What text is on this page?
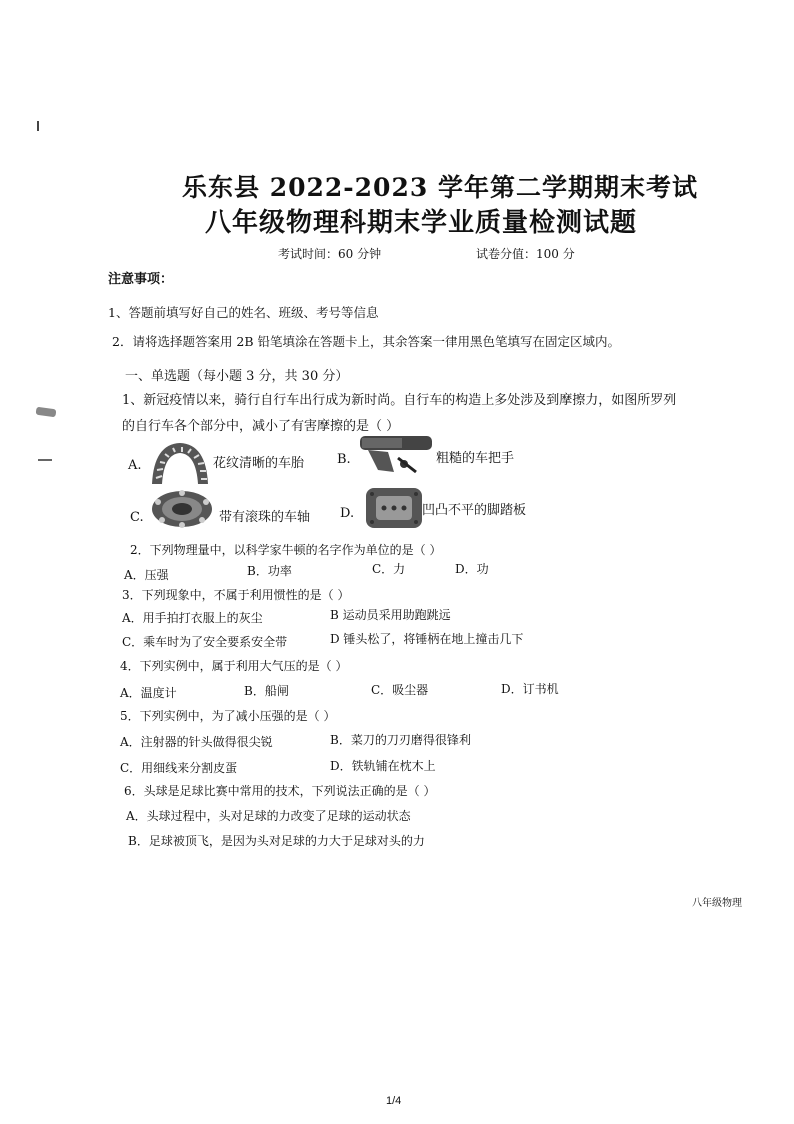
乐东县 2022-2023 学年第二学期期末考试
八年级物理科期末学业质量检测试题
考试时间：60 分钟	试卷分值：100 分
注意事项：
1、答题前填写好自己的姓名、班级、考号等信息
2．请将选择题答案用 2B 铅笔填涂在答题卡上，其余答案一律用黑色笔填写在固定区域内。
一、单选题（每小题 3 分，共 30 分）
1、新冠疫情以来，骑行自行车出行成为新时尚。自行车的构造上多处涉及到摩擦力，如图所罗列
的自行车各个部分中，减小了有害摩擦的是（ ）
A.	花纹清晰的车胎	B.	粗糙的车把手
C.	带有滚珠的车轴 D.	凹凸不平的脚踏板
2．下列物理量中，以科学家牛顿的名字作为单位的是（ ）
A．压强	B．功率	C．力	D．功
3．下列现象中，不属于利用惯性的是（ ）
A．用手拍打衣服上的灰尘	B 运动员采用助跑跳远
C．乘车时为了安全要系安全带	D 锤头松了，将锤柄在地上撞击几下
4．下列实例中，属于利用大气压的是（ ）
A．温度计	B．船闸	C．吸尘器	D．订书机
5．下列实例中，为了减小压强的是（ ）
A．注射器的针头做得很尖锐	B．菜刀的刀刃磨得很锋利
C．用细线来分割皮蛋	D．铁轨铺在枕木上
6．头球是足球比赛中常用的技术，下列说法正确的是（ ）
A．头球过程中，头对足球的力改变了足球的运动状态
B．足球被顶飞，是因为头对足球的力大于足球对头的力
八年级物理
1/4
